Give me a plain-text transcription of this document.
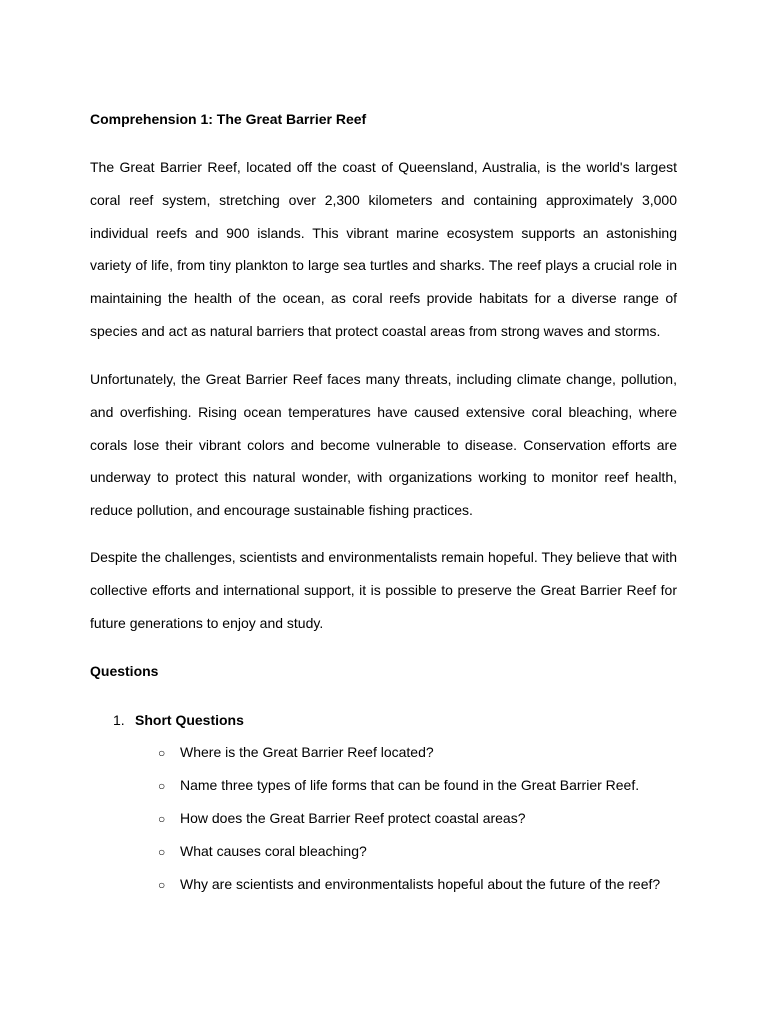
Comprehension 1: The Great Barrier Reef

The Great Barrier Reef, located off the coast of Queensland, Australia, is the world's largest coral reef system, stretching over 2,300 kilometers and containing approximately 3,000 individual reefs and 900 islands. This vibrant marine ecosystem supports an astonishing variety of life, from tiny plankton to large sea turtles and sharks. The reef plays a crucial role in maintaining the health of the ocean, as coral reefs provide habitats for a diverse range of species and act as natural barriers that protect coastal areas from strong waves and storms.

Unfortunately, the Great Barrier Reef faces many threats, including climate change, pollution, and overfishing. Rising ocean temperatures have caused extensive coral bleaching, where corals lose their vibrant colors and become vulnerable to disease. Conservation efforts are underway to protect this natural wonder, with organizations working to monitor reef health, reduce pollution, and encourage sustainable fishing practices.

Despite the challenges, scientists and environmentalists remain hopeful. They believe that with collective efforts and international support, it is possible to preserve the Great Barrier Reef for future generations to enjoy and study.

Questions
1. Short Questions
○ Where is the Great Barrier Reef located?
○ Name three types of life forms that can be found in the Great Barrier Reef.
○ How does the Great Barrier Reef protect coastal areas?
○ What causes coral bleaching?
○ Why are scientists and environmentalists hopeful about the future of the reef?
